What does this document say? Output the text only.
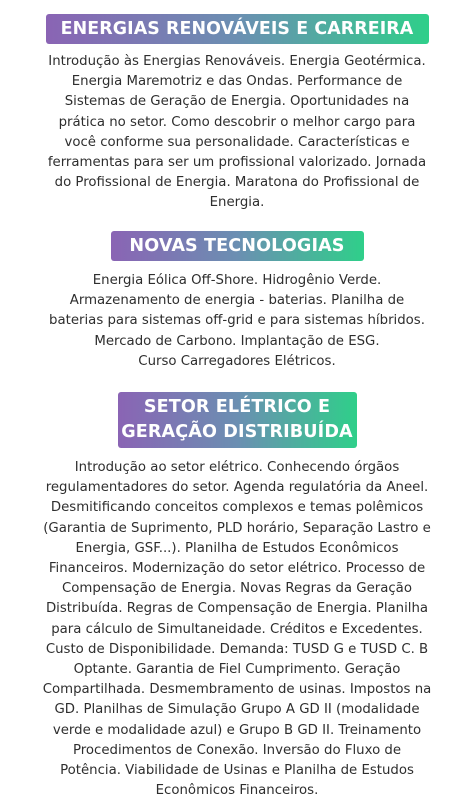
ENERGIAS RENOVÁVEIS E CARREIRA
Introdução às Energias Renováveis. Energia Geotérmica.
Energia Maremotriz e das Ondas. Performance de
Sistemas de Geração de Energia. Oportunidades na
prática no setor. Como descobrir o melhor cargo para
você conforme sua personalidade. Características e
ferramentas para ser um profissional valorizado. Jornada
do Profissional de Energia. Maratona do Profissional de
Energia.
NOVAS TECNOLOGIAS
Energia Eólica Off-Shore. Hidrogênio Verde.
Armazenamento de energia - baterias. Planilha de
baterias para sistemas off-grid e para sistemas híbridos.
Mercado de Carbono. Implantação de ESG.
Curso Carregadores Elétricos.
SETOR ELÉTRICO E
GERAÇÃO DISTRIBUÍDA
Introdução ao setor elétrico. Conhecendo órgãos
regulamentadores do setor. Agenda regulatória da Aneel.
Desmitificando conceitos complexos e temas polêmicos
(Garantia de Suprimento, PLD horário, Separação Lastro e
Energia, GSF...). Planilha de Estudos Econômicos
Financeiros. Modernização do setor elétrico. Processo de
Compensação de Energia. Novas Regras da Geração
Distribuída. Regras de Compensação de Energia. Planilha
para cálculo de Simultaneidade. Créditos e Excedentes.
Custo de Disponibilidade. Demanda: TUSD G e TUSD C. B
Optante. Garantia de Fiel Cumprimento. Geração
Compartilhada. Desmembramento de usinas. Impostos na
GD. Planilhas de Simulação Grupo A GD II (modalidade
verde e modalidade azul) e Grupo B GD II. Treinamento
Procedimentos de Conexão. Inversão do Fluxo de
Potência. Viabilidade de Usinas e Planilha de Estudos
Econômicos Financeiros.
